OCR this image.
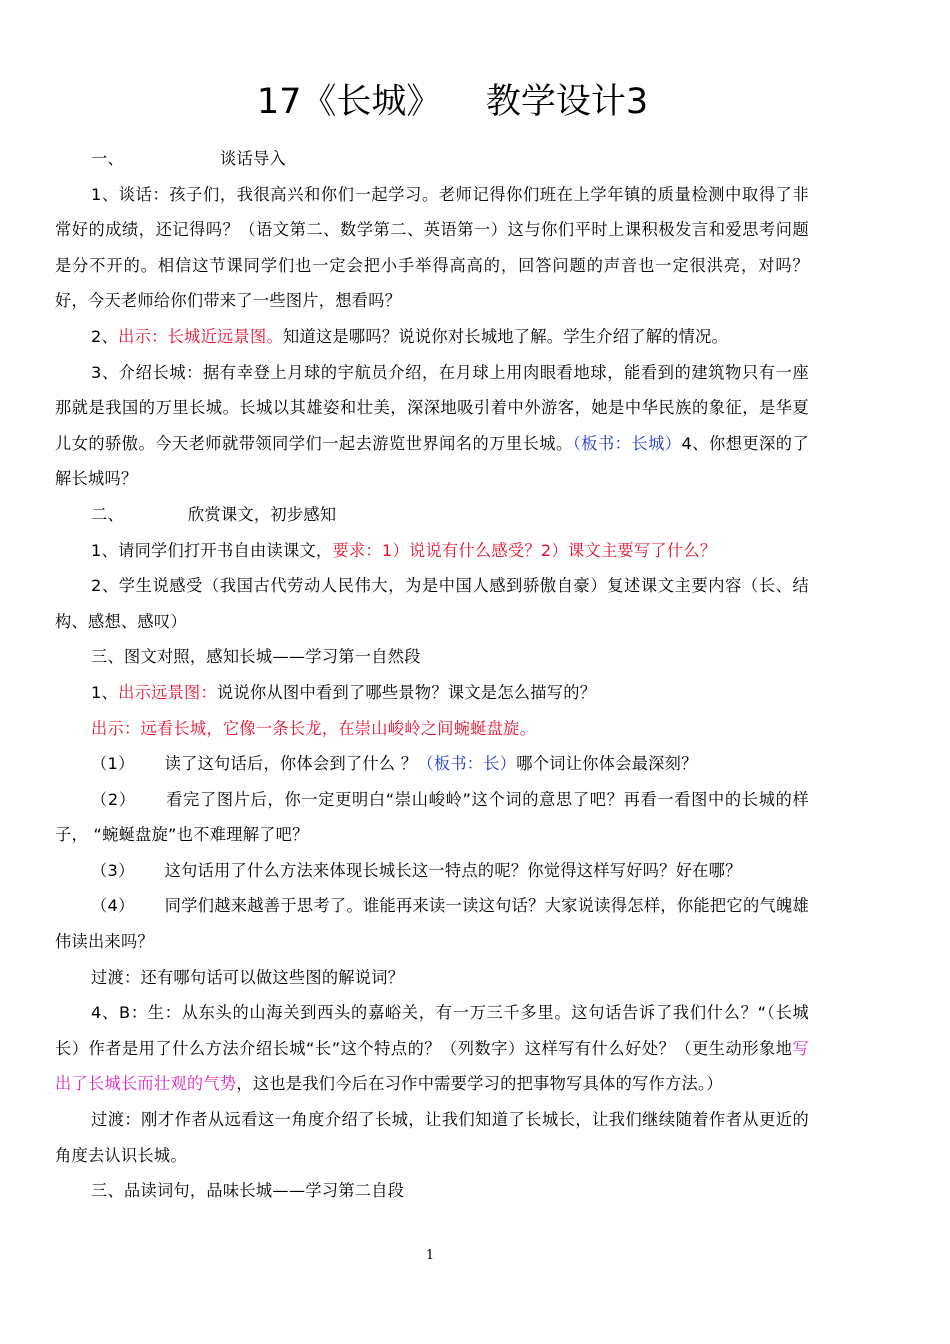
17《长城》    教学设计3

一、	谈话导入

1、谈话：孩子们，我很高兴和你们一起学习。老师记得你们班在上学年镇的质量检测中取得了非常好的成绩，还记得吗？（语文第二、数学第二、英语第一）这与你们平时上课积极发言和爱思考问题是分不开的。相信这节课同学们也一定会把小手举得高高的，回答问题的声音也一定很洪亮，对吗？好，今天老师给你们带来了一些图片，想看吗？

2、出示：长城近远景图。知道这是哪吗？说说你对长城地了解。学生介绍了解的情况。

3、介绍长城：据有幸登上月球的宇航员介绍，在月球上用肉眼看地球，能看到的建筑物只有一座那就是我国的万里长城。长城以其雄姿和壮美，深深地吸引着中外游客，她是中华民族的象征，是华夏儿女的骄傲。今天老师就带领同学们一起去游览世界闻名的万里长城。（板书：长城）4、你想更深的了解长城吗？

二、	欣赏课文，初步感知

1、请同学们打开书自由读课文，要求：1）说说有什么感受？2）课文主要写了什么？

2、学生说感受（我国古代劳动人民伟大，为是中国人感到骄傲自豪）复述课文主要内容（长、结构、感想、感叹）

三、图文对照，感知长城——学习第一自然段

1、出示远景图：说说你从图中看到了哪些景物？课文是怎么描写的？

出示：远看长城，它像一条长龙，在崇山峻岭之间蜿蜒盘旋。

（1） 读了这句话后，你体会到了什么 ？（板书：长）哪个词让你体会最深刻？

（2） 看完了图片后，你一定更明白“崇山峻岭”这个词的意思了吧？再看一看图中的长城的样子， “蜿蜒盘旋”也不难理解了吧？

（3） 这句话用了什么方法来体现长城长这一特点的呢？你觉得这样写好吗？好在哪？

（4） 同学们越来越善于思考了。谁能再来读一读这句话？大家说读得怎样，你能把它的气魄雄伟读出来吗？

过渡：还有哪句话可以做这些图的解说词？

4、B：生：从东头的山海关到西头的嘉峪关，有一万三千多里。这句话告诉了我们什么？“（长城长）作者是用了什么方法介绍长城“长”这个特点的？（列数字）这样写有什么好处？（更生动形象地写出了长城长而壮观的气势，这也是我们今后在习作中需要学习的把事物写具体的写作方法。）

过渡：刚才作者从远看这一角度介绍了长城，让我们知道了长城长，让我们继续随着作者从更近的角度去认识长城。

三、品读词句，品味长城——学习第二自段

1
